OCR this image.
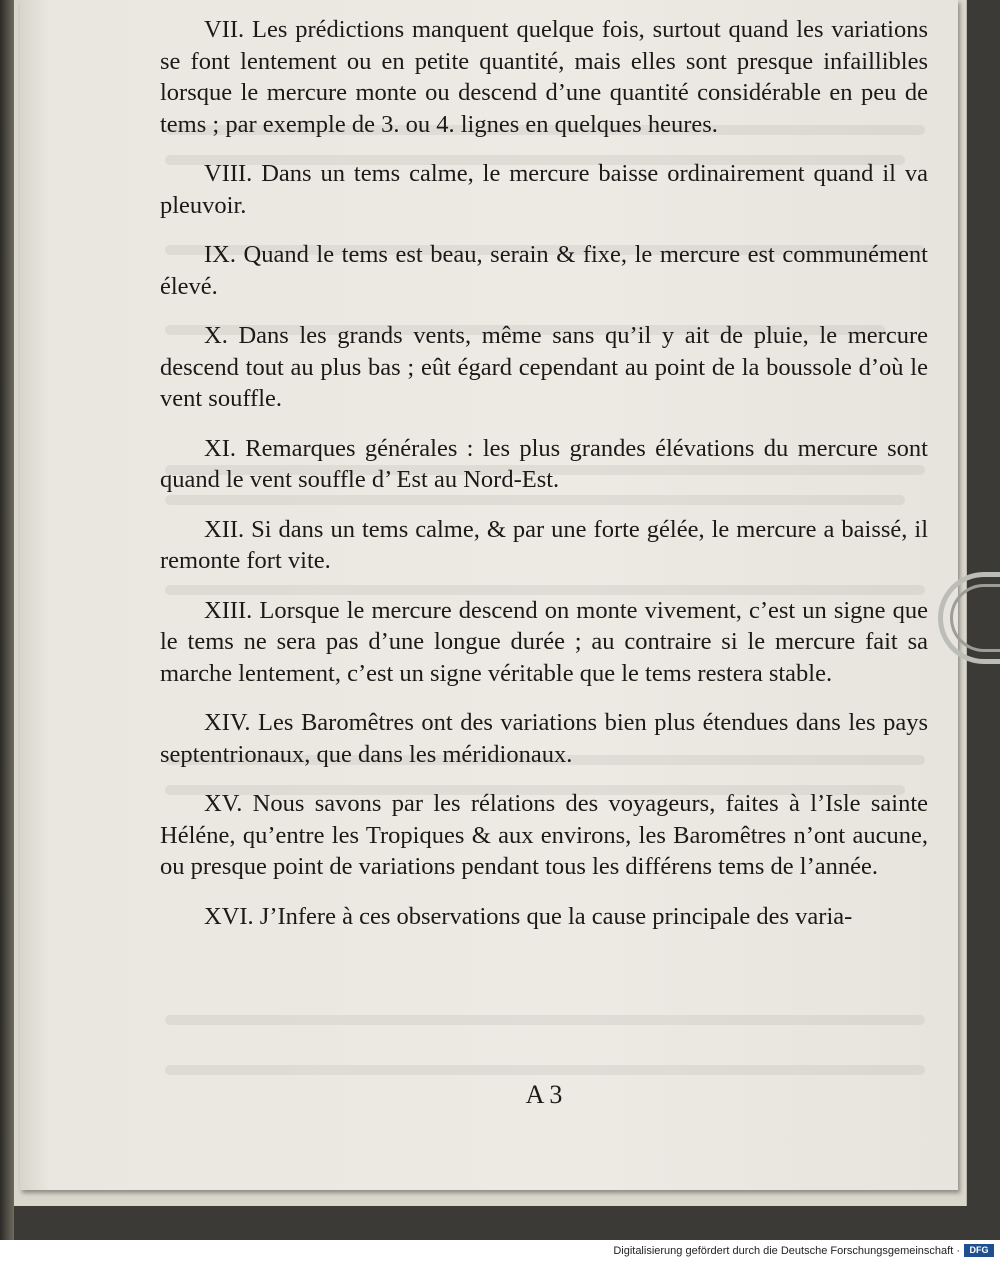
VII. Les prédictions manquent quelque fois, surtout quand les variations se font lentement ou en petite quantité, mais elles sont presque infaillibles lorsque le mercure monte ou descend d’une quantité considérable en peu de tems ; par exemple de 3. ou 4. lignes en quelques heures.

VIII. Dans un tems calme, le mercure baisse ordinairement quand il va pleuvoir.

IX. Quand le tems est beau, serain & fixe, le mercure est communément élevé.

X. Dans les grands vents, même sans qu’il y ait de pluie, le mercure descend tout au plus bas ; eût égard cependant au point de la boussole d’où le vent souffle.

XI. Remarques générales : les plus grandes élévations du mercure sont quand le vent souffle d’ Est au Nord-Est.

XII. Si dans un tems calme, & par une forte gélée, le mercure a baissé, il remonte fort vite.

XIII. Lorsque le mercure descend on monte vivement, c’est un signe que le tems ne sera pas d’une longue durée ; au contraire si le mercure fait sa marche lentement, c’est un signe véritable que le tems restera stable.

XIV. Les Baromêtres ont des variations bien plus étendues dans les pays septentrionaux, que dans les méridionaux.

XV. Nous savons par les rélations des voyageurs, faites à l’Isle sainte Héléne, qu’entre les Tropiques & aux environs, les Baromêtres n’ont aucune, ou presque point de variations pendant tous les différens tems de l’année.

XVI. J’Infere à ces observations que la cause principale des varia-

A 3
Digitalisierung gefördert durch die Deutsche Forschungsgemeinschaft ·	DFG
